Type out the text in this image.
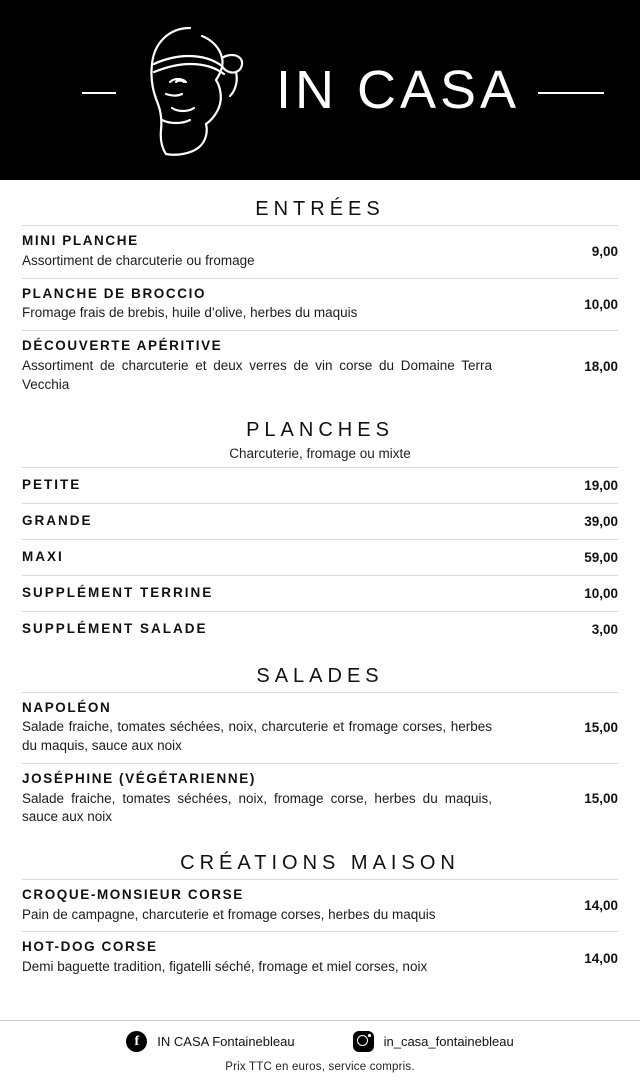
IN CASA
ENTRÉES
MINI PLANCHE
Assortiment de charcuterie ou fromage
9,00
PLANCHE DE BROCCIO
Fromage frais de brebis, huile d’olive, herbes du maquis
10,00
DÉCOUVERTE APÉRITIVE
Assortiment de charcuterie et deux verres de vin corse du Domaine Terra Vecchia
18,00
PLANCHES
Charcuterie, fromage ou mixte
PETITE	19,00
GRANDE	39,00
MAXI	59,00
SUPPLÉMENT TERRINE	10,00
SUPPLÉMENT SALADE	3,00
SALADES
NAPOLÉON
Salade fraiche, tomates séchées, noix, charcuterie et fromage corses, herbes du maquis, sauce aux noix
15,00
JOSÉPHINE (VÉGÉTARIENNE)
Salade fraiche, tomates séchées, noix, fromage corse, herbes du maquis, sauce aux noix
15,00
CRÉATIONS MAISON
CROQUE-MONSIEUR CORSE
Pain de campagne, charcuterie et fromage corses, herbes du maquis
14,00
HOT-DOG CORSE
Demi baguette tradition, figatelli séché, fromage et miel corses, noix
14,00
f	IN CASA Fontainebleau	in_casa_fontainebleau
Prix TTC en euros, service compris.
